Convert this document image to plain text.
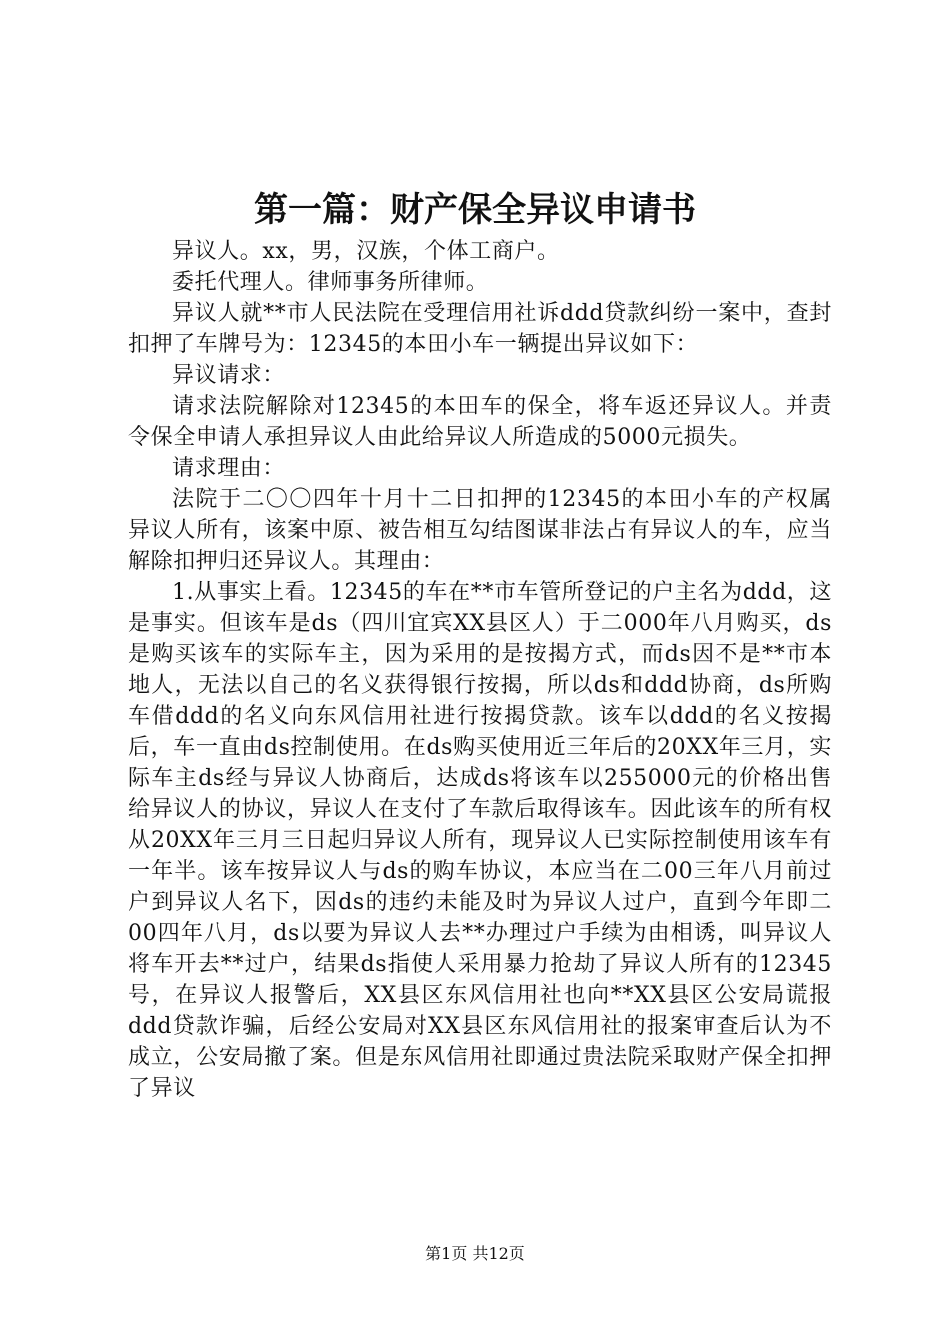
第一篇：财产保全异议申请书

异议人。xx，男，汉族，个体工商户。

委托代理人。律师事务所律师。

异议人就**市人民法院在受理信用社诉ddd贷款纠纷一案中，查封扣押了车牌号为：12345的本田小车一辆提出异议如下：

异议请求：

请求法院解除对12345的本田车的保全，将车返还异议人。并责令保全申请人承担异议人由此给异议人所造成的5000元损失。

请求理由：

法院于二〇〇四年十月十二日扣押的12345的本田小车的产权属异议人所有，该案中原、被告相互勾结图谋非法占有异议人的车，应当解除扣押归还异议人。其理由：

1.从事实上看。12345的车在**市车管所登记的户主名为ddd，这是事实。但该车是ds（四川宜宾XX县区人）于二000年八月购买，ds是购买该车的实际车主，因为采用的是按揭方式，而ds因不是**市本地人，无法以自己的名义获得银行按揭，所以ds和ddd协商，ds所购车借ddd的名义向东风信用社进行按揭贷款。该车以ddd的名义按揭后，车一直由ds控制使用。在ds购买使用近三年后的20XX年三月，实际车主ds经与异议人协商后，达成ds将该车以255000元的价格出售给异议人的协议，异议人在支付了车款后取得该车。因此该车的所有权从20XX年三月三日起归异议人所有，现异议人已实际控制使用该车有一年半。该车按异议人与ds的购车协议，本应当在二00三年八月前过户到异议人名下，因ds的违约未能及时为异议人过户，直到今年即二00四年八月，ds以要为异议人去**办理过户手续为由相诱，叫异议人将车开去**过户，结果ds指使人采用暴力抢劫了异议人所有的12345号，在异议人报警后，XX县区东风信用社也向**XX县区公安局谎报ddd贷款诈骗，后经公安局对XX县区东风信用社的报案审查后认为不成立，公安局撤了案。但是东风信用社即通过贵法院采取财产保全扣押了异议

第1页 共12页
